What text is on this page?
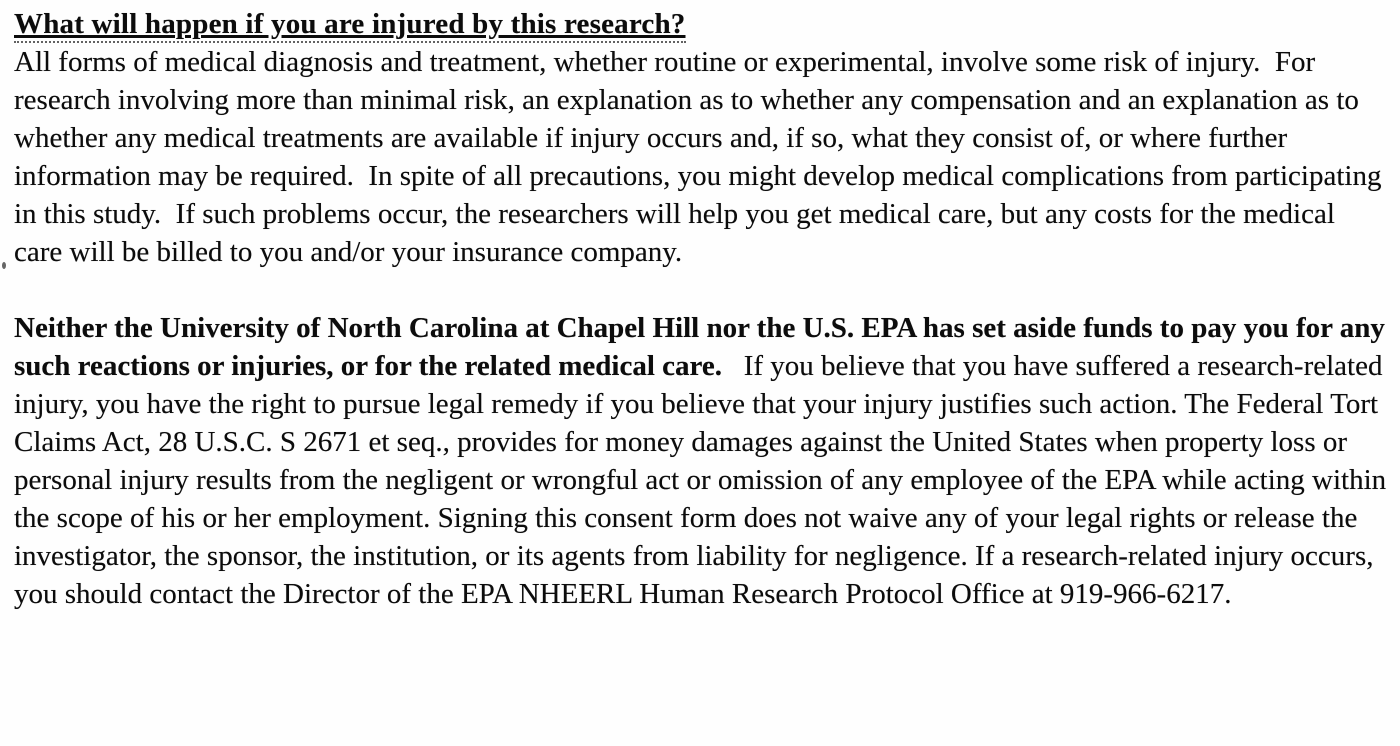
What will happen if you are injured by this research?

All forms of medical diagnosis and treatment, whether routine or experimental, involve some risk of injury.  For research involving more than minimal risk, an explanation as to whether any compensation and an explanation as to whether any medical treatments are available if injury occurs and, if so, what they consist of, or where further information may be required.  In spite of all precautions, you might develop medical complications from participating in this study.  If such problems occur, the researchers will help you get medical care, but any costs for the medical care will be billed to you and/or your insurance company.

Neither the University of North Carolina at Chapel Hill nor the U.S. EPA has set aside funds to pay you for any such reactions or injuries, or for the related medical care.   If you believe that you have suffered a research-related injury, you have the right to pursue legal remedy if you believe that your injury justifies such action. The Federal Tort Claims Act, 28 U.S.C. S 2671 et seq., provides for money damages against the United States when property loss or personal injury results from the negligent or wrongful act or omission of any employee of the EPA while acting within the scope of his or her employment. Signing this consent form does not waive any of your legal rights or release the investigator, the sponsor, the institution, or its agents from liability for negligence. If a research-related injury occurs, you should contact the Director of the EPA NHEERL Human Research Protocol Office at 919-966-6217.
